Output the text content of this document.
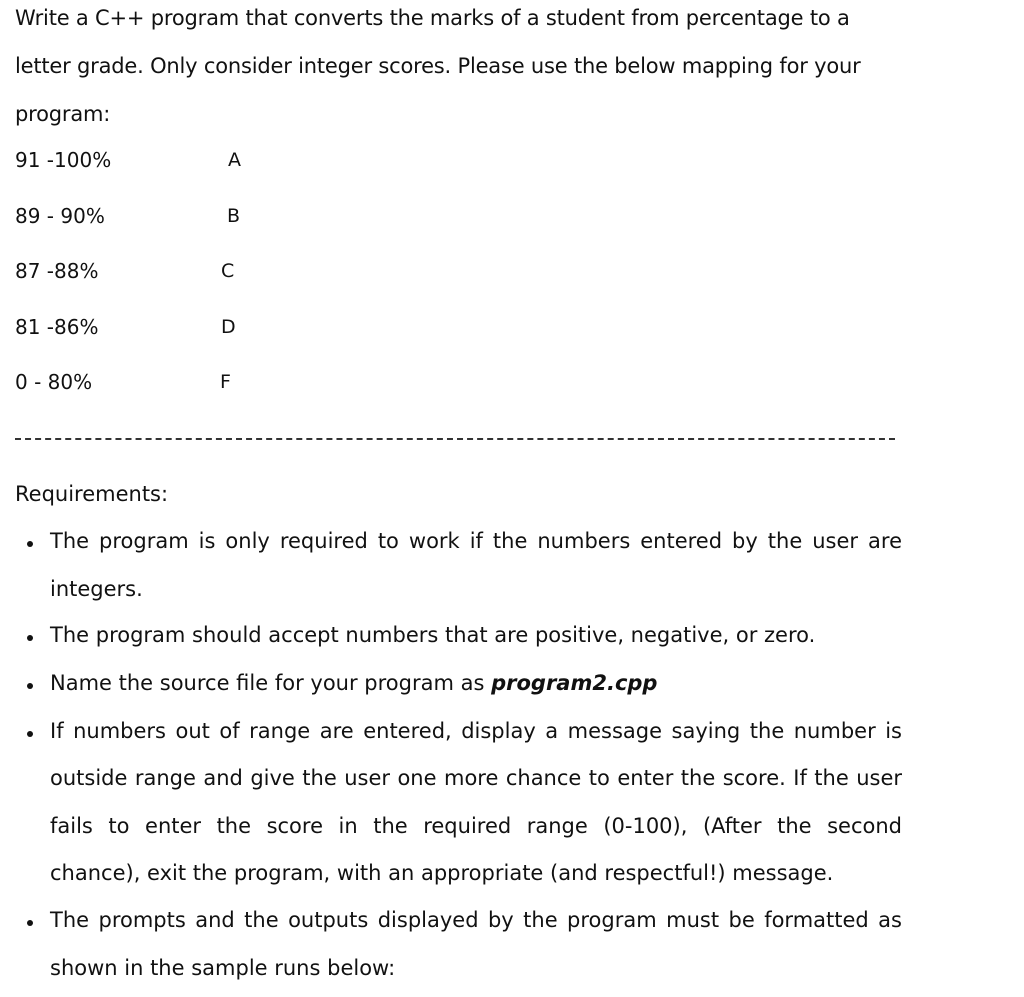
Write a C++ program that converts the marks of a student from percentage to a
letter grade. Only consider integer scores. Please use the below mapping for your
program:
91 -100%	A
89 - 90%	B
87 -88%	C
81 -86%	D
0 - 80%	F
Requirements:
The program is only required to work if the numbers entered by the user are
integers.
The program should accept numbers that are positive, negative, or zero.
Name the source file for your program as program2.cpp
If numbers out of range are entered, display a message saying the number is
outside range and give the user one more chance to enter the score. If the user
fails to enter the score in the required range (0-100), (After the second
chance), exit the program, with an appropriate (and respectful!) message.
The prompts and the outputs displayed by the program must be formatted as
shown in the sample runs below:
